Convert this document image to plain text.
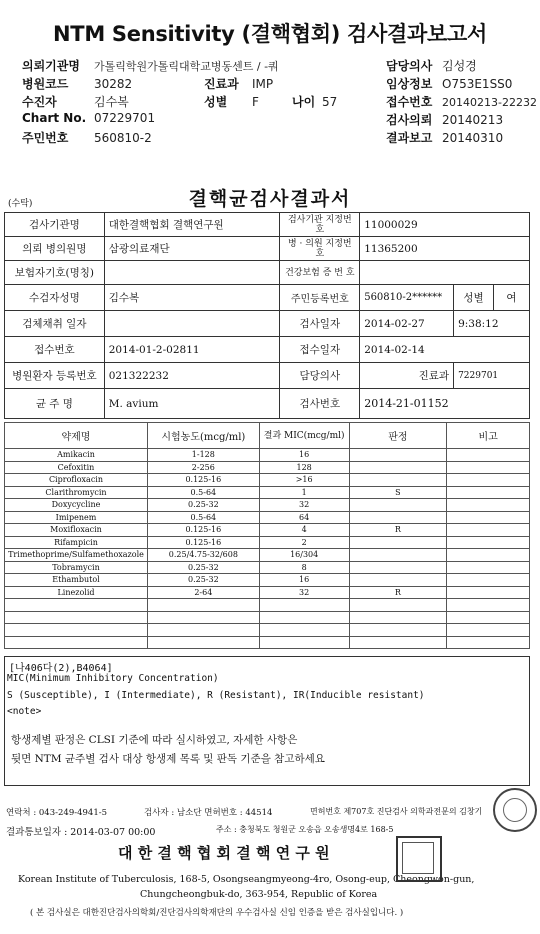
NTM Sensitivity (결핵협회) 검사결과보고서
의뢰기관명 가톨릭학원가톨릭대학교병동센트 / -쿼
병원코드 30282	진료과 IMP
수진자	김수복	성별 F	나이 57
Chart No. 07229701
주민번호 560810-2
담당의사 김성경
임상정보 O753E1SS0
접수번호 20140213-22232
검사의뢰 20140213
결과보고 20140310
(수탁)	결핵균검사결과서
검사기관명	대한결핵협회 결핵연구원	검사기관 지정번호	11000029		
의뢰 병의원명	삼광의료재단	병 · 의원 지정번호	11365200		
보험자기호(명칭)		건강보험 증 번 호			
수검자성명	김수복	주민등록번호	560810-2******	성별	여
검체채취 일자		검사일자	2014-02-27	9:38:12	
접수번호	2014-01-2-02811	접수일자	2014-02-14		
병원환자 등록번호	021322232	담당의사	진료과	7229701	
균 주 명	M. avium	검사번호	2014-21-01152		
약제명	시험농도(mcg/ml)	결과 MIC(mcg/ml)	판정	비고
Amikacin	1-128	16		
Cefoxitin	2-256	128		
Ciprofloxacin	0.125-16	>16		
Clarithromycin	0.5-64	1	S	
Doxycycline	0.25-32	32		
Imipenem	0.5-64	64		
Moxifloxacin	0.125-16	4	R	
Rifampicin	0.125-16	2		
Trimethoprime/Sulfamethoxazole	0.25/4.75-32/608	16/304		
Tobramycin	0.25-32	8		
Ethambutol	0.25-32	16		
Linezolid	2-64	32	R	

[나406다(2),B4064]
MIC(Minimum Inhibitory Concentration)
S (Susceptible), I (Intermediate), R (Resistant), IR(Inducible resistant)
<note>
항생제별 판정은 CLSI 기준에 따라 실시하였고, 자세한 사항은
뒷면 NTM 균주별 검사 대상 항생제 목록 및 판독 기준을 참고하세요
연락처 : 043-249-4941-5	검사자 : 남소단 면허번호 : 44514	면허번호 제707호 진단검사 의학과전문의 김창기
결과통보일자 : 2014-03-07 00:00	주소 : 충청북도 청원군 오송읍 오송생명4로 168-5
대 한 결 핵 협 회 결 핵 연 구 원
Korean Institute of Tuberculosis, 168-5, Osongseangmyeong-4ro, Osong-eup, Cheongwon-gun,
Chungcheongbuk-do, 363-954, Republic of Korea
( 본 검사실은 대한진단검사의학회/진단검사의학재단의 우수검사실 신임 인증을 받은 검사실입니다. )
